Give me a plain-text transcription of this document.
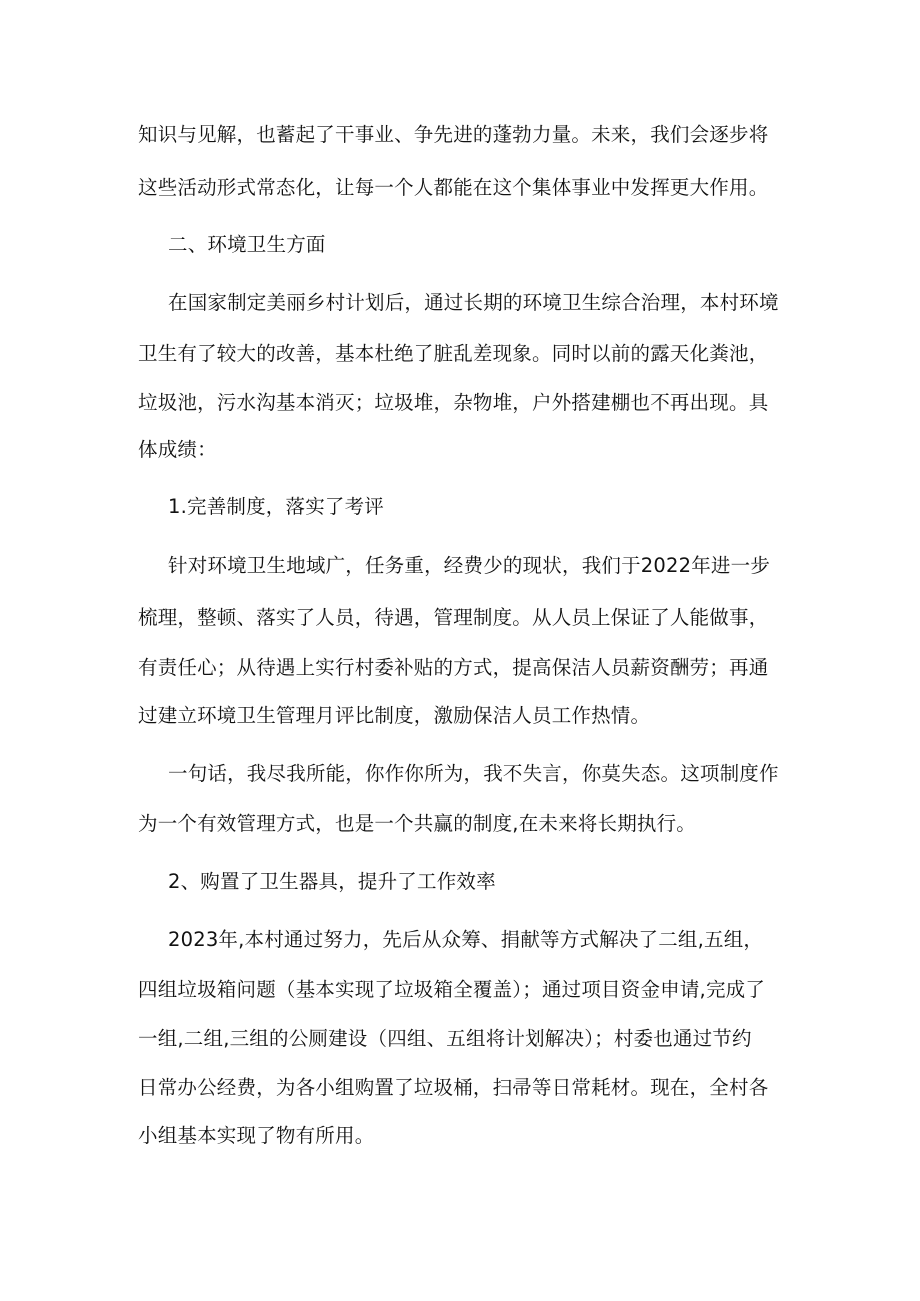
知识与见解，也蓄起了干事业、争先进的蓬勃力量。未来，我们会逐步将
这些活动形式常态化，让每一个人都能在这个集体事业中发挥更大作用。
二、环境卫生方面
在国家制定美丽乡村计划后，通过长期的环境卫生综合治理，本村环境
卫生有了较大的改善，基本杜绝了脏乱差现象。同时以前的露天化粪池，
垃圾池，污水沟基本消灭；垃圾堆，杂物堆，户外搭建棚也不再出现。具
体成绩：
1.完善制度，落实了考评
针对环境卫生地域广，任务重，经费少的现状，我们于2022年进一步
梳理，整顿、落实了人员，待遇，管理制度。从人员上保证了人能做事，
有责任心；从待遇上实行村委补贴的方式，提高保洁人员薪资酬劳；再通
过建立环境卫生管理月评比制度，激励保洁人员工作热情。
一句话，我尽我所能，你作你所为，我不失言，你莫失态。这项制度作
为一个有效管理方式，也是一个共赢的制度,在未来将长期执行。
2、购置了卫生器具，提升了工作效率
2023年,本村通过努力，先后从众筹、捐献等方式解决了二组,五组，
四组垃圾箱问题（基本实现了垃圾箱全覆盖）；通过项目资金申请,完成了
一组,二组,三组的公厕建设（四组、五组将计划解决）；村委也通过节约
日常办公经费，为各小组购置了垃圾桶，扫帚等日常耗材。现在，全村各
小组基本实现了物有所用。
